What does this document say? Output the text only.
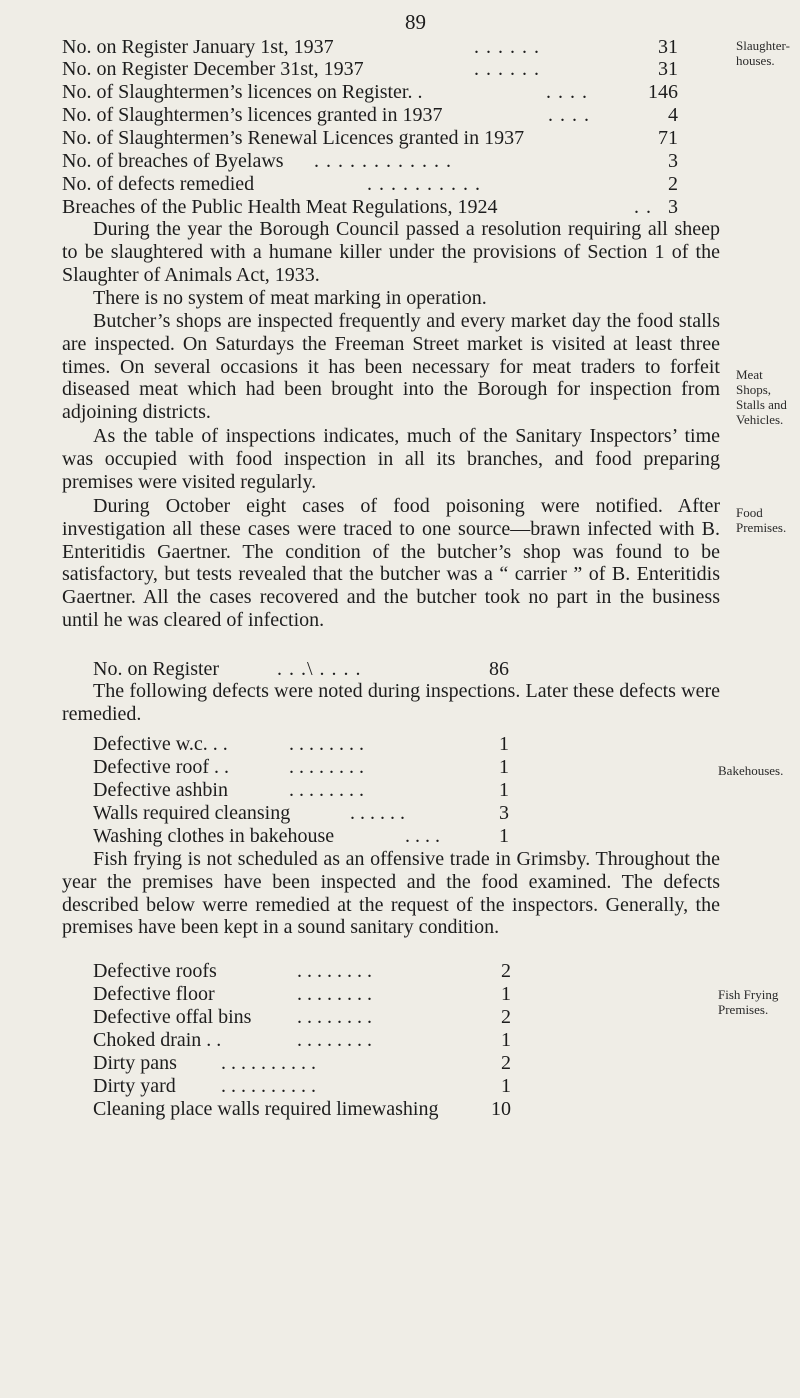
89
Slaughter-houses.
Meat Shops, Stalls and Vehicles.
Food Premises.
Bakehouses.
Fish Frying Premises.
No. on Register January 1st, 1937	. . . . . .	31
No. on Register December 31st, 1937	. . . . . .	31
No. of Slaughtermen’s licences on Register. .	. . . .	146
No. of Slaughtermen’s licences granted in 1937	. . . .	4
No. of Slaughtermen’s Renewal Licences granted in 1937	71
No. of breaches of Byelaws . . . . . . . . . . . .	3
No. of defects remedied	. . . . . . . . . .	2
Breaches of the Public Health Meat Regulations, 1924	. . 3

During the year the Borough Council passed a resolution requiring all sheep to be slaughtered with a humane killer under the provisions of Section 1 of the Slaughter of Animals Act, 1933.

There is no system of meat marking in operation.

Butcher’s shops are inspected frequently and every market day the food stalls are inspected. On Saturdays the Freeman Street market is visited at least three times. On several occasions it has been necessary for meat traders to forfeit diseased meat which had been brought into the Borough for inspection from adjoining districts.

As the table of inspections indicates, much of the Sanitary Inspectors’ time was occupied with food inspection in all its branches, and food preparing premises were visited regularly.

During October eight cases of food poisoning were notified. After investigation all these cases were traced to one source—brawn infected with B. Enteritidis Gaertner. The condition of the butcher’s shop was found to be satisfactory, but tests revealed that the butcher was a “ carrier ” of B. Enteritidis Gaertner. All the cases recovered and the butcher took no part in the business until he was cleared of infection.

No. on Register	. . .\ . . . .	86

The following defects were noted during inspections. Later these defects were remedied.

Defective w.c. . .	. . . . . . . .	1
Defective roof . .	. . . . . . . .	1
Defective ashbin	. . . . . . . .	1
Walls required cleansing	. . . . . .	3
Washing clothes in bakehouse	. . . .	1

Fish frying is not scheduled as an offensive trade in Grimsby. Throughout the year the premises have been inspected and the food examined. The defects described below werre remedied at the request of the inspectors. Generally, the premises have been kept in a sound sanitary condition.

Defective roofs	. . . . . . . .	2
Defective floor	. . . . . . . .	1
Defective offal bins . . . . . . . .	2
Choked drain . .	. . . . . . . .	1
Dirty pans . . . . . . . . . .	2
Dirty yard . . . . . . . . . .	1
Cleaning place walls required limewashing	10
